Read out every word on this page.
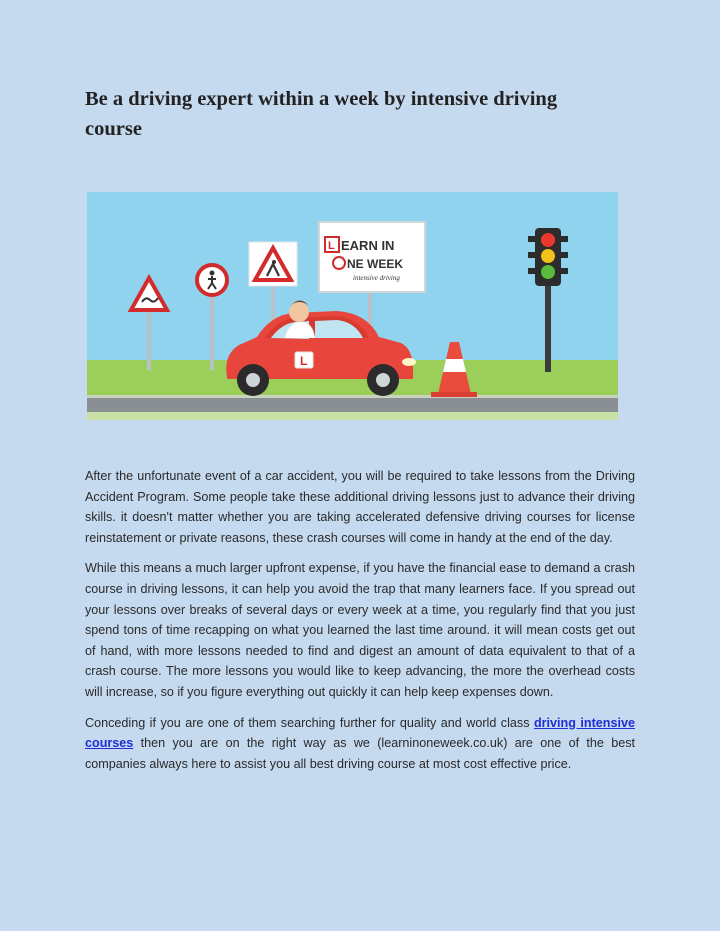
Be a driving expert within a week by intensive driving course
L EARN IN
NE WEEK
intensive driving
L

After the unfortunate event of a car accident, you will be required to take lessons from the Driving Accident Program. Some people take these additional driving lessons just to advance their driving skills. it doesn't matter whether you are taking accelerated defensive driving courses for license reinstatement or private reasons, these crash courses will come in handy at the end of the day.

While this means a much larger upfront expense, if you have the financial ease to demand a crash course in driving lessons, it can help you avoid the trap that many learners face. If you spread out your lessons over breaks of several days or every week at a time, you regularly find that you just spend tons of time recapping on what you learned the last time around. it will mean costs get out of hand, with more lessons needed to find and digest an amount of data equivalent to that of a crash course. The more lessons you would like to keep advancing, the more the overhead costs will increase, so if you figure everything out quickly it can help keep expenses down.

Conceding if you are one of them searching further for quality and world class driving intensive courses then you are on the right way as we (learninoneweek.co.uk) are one of the best companies always here to assist you all best driving course at most cost effective price.
